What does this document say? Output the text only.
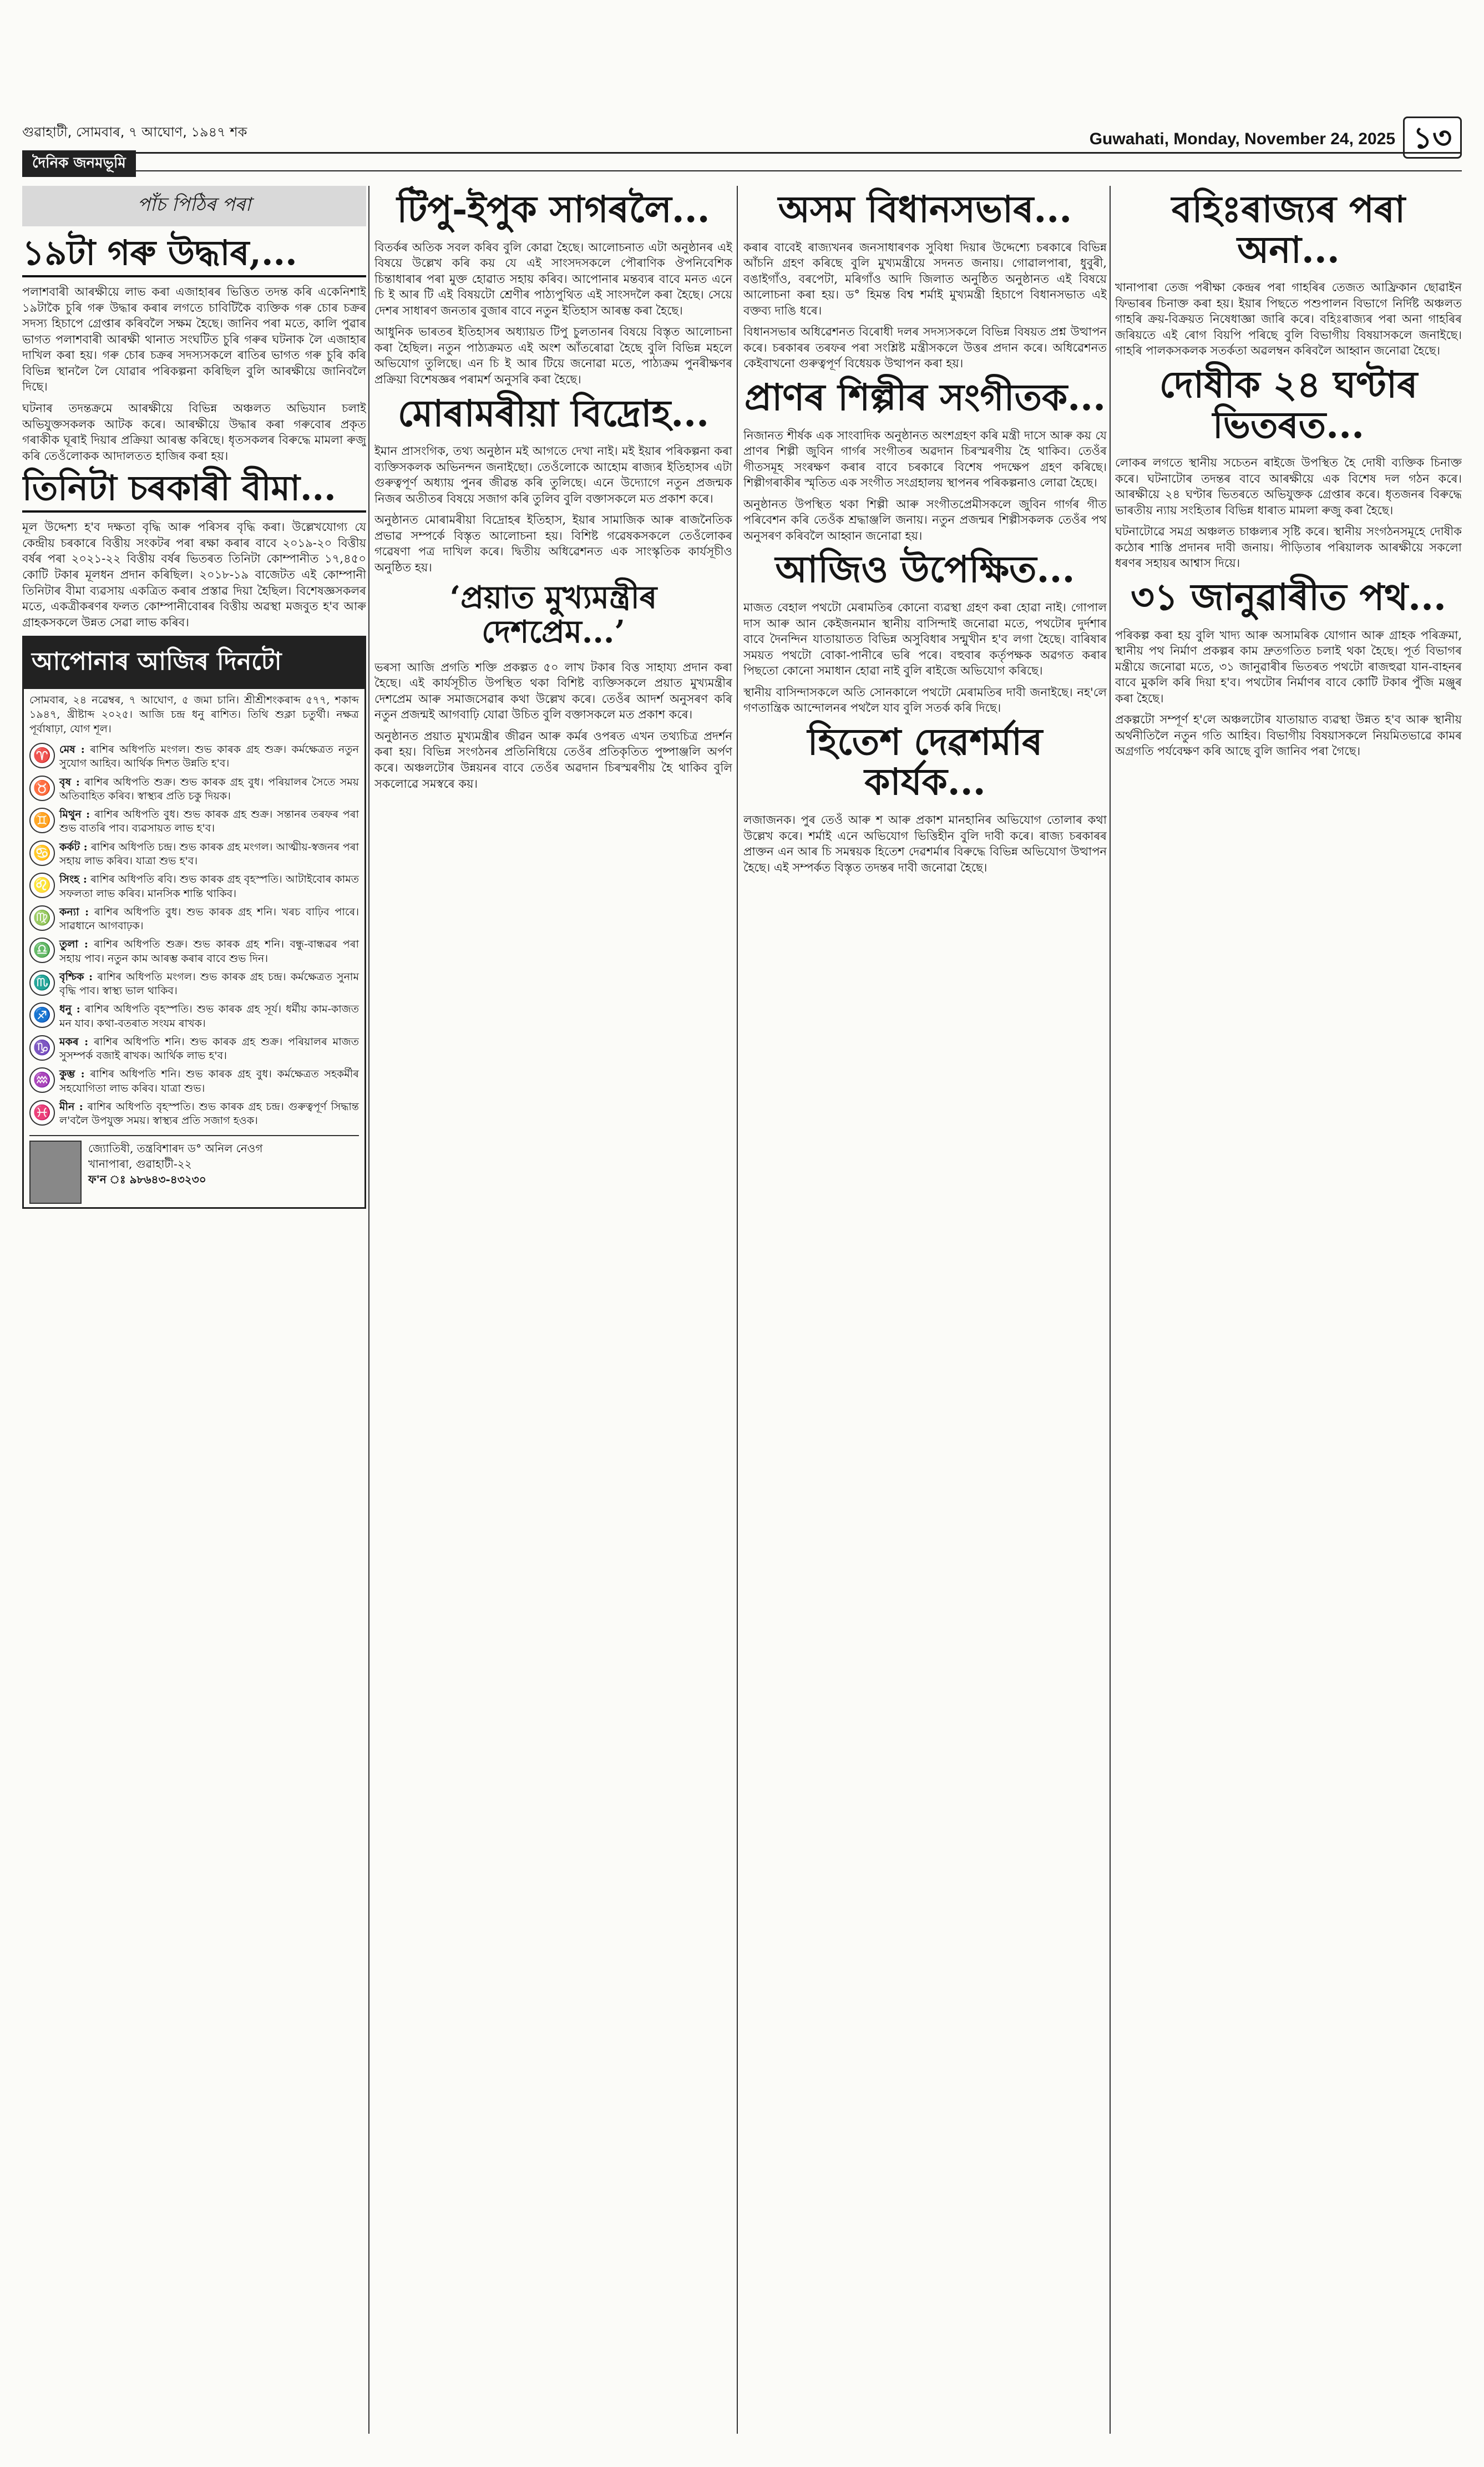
গুৱাহাটী, সোমবাৰ, ৭ আঘোণ, ১৯৪৭ শক	Guwahati, Monday, November 24, 2025 ১৩
দৈনিক জনমভূমি
পাঁচ পিঠিৰ পৰা
১৯টা গৰু উদ্ধাৰ,...

পলাশবাৰী আৰক্ষীয়ে লাভ কৰা এজাহাৰৰ ভিত্তিত তদন্ত কৰি একেনিশাই ১৯টাকৈ চুৰি গৰু উদ্ধাৰ কৰাৰ লগতে চাবিটিকৈ ব্যক্তিক গৰু চোৰ চক্ৰৰ সদস্য হিচাপে গ্ৰেপ্তাৰ কৰিবলৈ সক্ষম হৈছে। জানিব পৰা মতে, কালি পুৱাৰ ভাগত পলাশবাৰী আৰক্ষী থানাত সংঘটিত চুৰি গৰুৰ ঘটনাক লৈ এজাহাৰ দাখিল কৰা হয়। গৰু চোৰ চক্ৰৰ সদস্যসকলে ৰাতিৰ ভাগত গৰু চুৰি কৰি বিভিন্ন স্থানলৈ লৈ যোৱাৰ পৰিকল্পনা কৰিছিল বুলি আৰক্ষীয়ে জানিবলৈ দিছে।

ঘটনাৰ তদন্তক্ৰমে আৰক্ষীয়ে বিভিন্ন অঞ্চলত অভিযান চলাই অভিযুক্তসকলক আটক কৰে। আৰক্ষীয়ে উদ্ধাৰ কৰা গৰুবোৰ প্ৰকৃত গৰাকীক ঘূৰাই দিয়াৰ প্ৰক্ৰিয়া আৰম্ভ কৰিছে। ধৃতসকলৰ বিৰুদ্ধে মামলা ৰুজু কৰি তেওঁলোকক আদালতত হাজিৰ কৰা হয়।

তিনিটা চৰকাৰী বীমা...

মূল উদ্দেশ্য হ'ব দক্ষতা বৃদ্ধি আৰু পৰিসৰ বৃদ্ধি কৰা। উল্লেখযোগ্য যে কেন্দ্ৰীয় চৰকাৰে বিত্তীয় সংকটৰ পৰা ৰক্ষা কৰাৰ বাবে ২০১৯-২০ বিত্তীয় বৰ্ষৰ পৰা ২০২১-২২ বিত্তীয় বৰ্ষৰ ভিতৰত তিনিটা কোম্পানীত ১৭,৪৫০ কোটি টকাৰ মূলধন প্ৰদান কৰিছিল। ২০১৮-১৯ বাজেটত এই কোম্পানী তিনিটাৰ বীমা ব্যৱসায় একত্ৰিত কৰাৰ প্ৰস্তাৱ দিয়া হৈছিল। বিশেষজ্ঞসকলৰ মতে, একত্ৰীকৰণৰ ফলত কোম্পানীবোৰৰ বিত্তীয় অৱস্থা মজবুত হ'ব আৰু গ্ৰাহকসকলে উন্নত সেৱা লাভ কৰিব।

আপোনাৰ আজিৰ দিনটো
সোমবাৰ, ২৪ নৱেম্বৰ, ৭ আঘোণ, ৫ জমা চানি। শ্ৰীশ্ৰীশংকৰাব্দ ৫৭৭, শকাব্দ ১৯৪৭, খ্ৰীষ্টাব্দ ২০২৫। আজি চন্দ্ৰ ধনু ৰাশিত। তিথি শুক্লা চতুৰ্থী। নক্ষত্ৰ পূৰ্বাষাঢ়া, যোগ শূল।
♈ মেষ : ৰাশিৰ অধিপতি মংগল। শুভ কাৰক গ্ৰহ শুক্ৰ। কৰ্মক্ষেত্ৰত নতুন সুযোগ আহিব। আৰ্থিক দিশত উন্নতি হ'ব।
♉ বৃষ : ৰাশিৰ অধিপতি শুক্ৰ। শুভ কাৰক গ্ৰহ বুধ। পৰিয়ালৰ সৈতে সময় অতিবাহিত কৰিব। স্বাস্থ্যৰ প্ৰতি চকু দিয়ক।
♊ মিথুন : ৰাশিৰ অধিপতি বুধ। শুভ কাৰক গ্ৰহ শুক্ৰ। সন্তানৰ তৰফৰ পৰা শুভ বাতৰি পাব। ব্যৱসায়ত লাভ হ'ব।
♋ কৰ্কট : ৰাশিৰ অধিপতি চন্দ্ৰ। শুভ কাৰক গ্ৰহ মংগল। আত্মীয়-স্বজনৰ পৰা সহায় লাভ কৰিব। যাত্ৰা শুভ হ'ব।
♌ সিংহ : ৰাশিৰ অধিপতি ৰবি। শুভ কাৰক গ্ৰহ বৃহস্পতি। আটাইবোৰ কামত সফলতা লাভ কৰিব। মানসিক শান্তি থাকিব।
♍ কন্যা : ৰাশিৰ অধিপতি বুধ। শুভ কাৰক গ্ৰহ শনি। খৰচ বাঢ়িব পাৰে। সাৱধানে আগবাঢ়ক।
♎ তুলা : ৰাশিৰ অধিপতি শুক্ৰ। শুভ কাৰক গ্ৰহ শনি। বন্ধু-বান্ধৱৰ পৰা সহায় পাব। নতুন কাম আৰম্ভ কৰাৰ বাবে শুভ দিন।
♏ বৃশ্চিক : ৰাশিৰ অধিপতি মংগল। শুভ কাৰক গ্ৰহ চন্দ্ৰ। কৰ্মক্ষেত্ৰত সুনাম বৃদ্ধি পাব। স্বাস্থ্য ভাল থাকিব।
♐ ধনু : ৰাশিৰ অধিপতি বৃহস্পতি। শুভ কাৰক গ্ৰহ সূৰ্য। ধৰ্মীয় কাম-কাজত মন যাব। কথা-বতৰাত সংযম ৰাখক।
♑ মকৰ : ৰাশিৰ অধিপতি শনি। শুভ কাৰক গ্ৰহ শুক্ৰ। পৰিয়ালৰ মাজত সুসম্পৰ্ক বজাই ৰাখক। আৰ্থিক লাভ হ'ব।
♒ কুম্ভ : ৰাশিৰ অধিপতি শনি। শুভ কাৰক গ্ৰহ বুধ। কৰ্মক্ষেত্ৰত সহকৰ্মীৰ সহযোগিতা লাভ কৰিব। যাত্ৰা শুভ।
♓ মীন : ৰাশিৰ অধিপতি বৃহস্পতি। শুভ কাৰক গ্ৰহ চন্দ্ৰ। গুৰুত্বপূৰ্ণ সিদ্ধান্ত ল'বলৈ উপযুক্ত সময়। স্বাস্থ্যৰ প্ৰতি সজাগ হওক।
জ্যোতিষী, তন্ত্ৰবিশাৰদ ড° অনিল নেওগ
খানাপাৰা, গুৱাহাটী-২২
ফ'ন ঃ ৯৮৬৪৩-৪৩২৩০
টিপু-ইপুক সাগৰলৈ...

বিতৰ্কৰ অতিক সবল কৰিব বুলি কোৱা হৈছে। আলোচনাত এটা অনুষ্ঠানৰ এই বিষয়ে উল্লেখ কৰি কয় যে এই সাংসদসকলে পৌৰাণিক ঔপনিবেশিক চিন্তাধাৰাৰ পৰা মুক্ত হোৱাত সহায় কৰিব। আপোনাৰ মন্তব্যৰ বাবে মনত এনে চি ই আৰ টি এই বিষয়টো শ্ৰেণীৰ পাঠ্যপুথিত এই সাংসদলৈ কৰা হৈছে। সেয়ে দেশৰ সাধাৰণ জনতাৰ বুজাৰ বাবে নতুন ইতিহাস আৰম্ভ কৰা হৈছে।

আধুনিক ভাৰতৰ ইতিহাসৰ অধ্যায়ত টিপু চুলতানৰ বিষয়ে বিস্তৃত আলোচনা কৰা হৈছিল। নতুন পাঠ্যক্ৰমত এই অংশ আঁতৰোৱা হৈছে বুলি বিভিন্ন মহলে অভিযোগ তুলিছে। এন চি ই আৰ টিয়ে জনোৱা মতে, পাঠ্যক্ৰম পুনৰীক্ষণৰ প্ৰক্ৰিয়া বিশেষজ্ঞৰ পৰামৰ্শ অনুসৰি কৰা হৈছে।

মোৰামৰীয়া বিদ্ৰোহ...

ইমান প্ৰাসংগিক, তথ্য অনুষ্ঠান মই আগতে দেখা নাই। মই ইয়াৰ পৰিকল্পনা কৰা ব্যক্তিসকলক অভিনন্দন জনাইছো। তেওঁলোকে আহোম ৰাজ্যৰ ইতিহাসৰ এটা গুৰুত্বপূৰ্ণ অধ্যায় পুনৰ জীৱন্ত কৰি তুলিছে। এনে উদ্যোগে নতুন প্ৰজন্মক নিজৰ অতীতৰ বিষয়ে সজাগ কৰি তুলিব বুলি বক্তাসকলে মত প্ৰকাশ কৰে।

অনুষ্ঠানত মোৰামৰীয়া বিদ্ৰোহৰ ইতিহাস, ইয়াৰ সামাজিক আৰু ৰাজনৈতিক প্ৰভাৱ সম্পৰ্কে বিস্তৃত আলোচনা হয়। বিশিষ্ট গৱেষকসকলে তেওঁলোকৰ গৱেষণা পত্ৰ দাখিল কৰে। দ্বিতীয় অধিৱেশনত এক সাংস্কৃতিক কাৰ্যসূচীও অনুষ্ঠিত হয়।

‘প্ৰয়াত মুখ্যমন্ত্ৰীৰ দেশপ্ৰেম...’

ভৰসা আজি প্ৰগতি শক্তি প্ৰকল্পত ৫০ লাখ টকাৰ বিত্ত সাহায্য প্ৰদান কৰা হৈছে। এই কাৰ্যসূচীত উপস্থিত থকা বিশিষ্ট ব্যক্তিসকলে প্ৰয়াত মুখ্যমন্ত্ৰীৰ দেশপ্ৰেম আৰু সমাজসেৱাৰ কথা উল্লেখ কৰে। তেওঁৰ আদৰ্শ অনুসৰণ কৰি নতুন প্ৰজন্মই আগবাঢ়ি যোৱা উচিত বুলি বক্তাসকলে মত প্ৰকাশ কৰে।

অনুষ্ঠানত প্ৰয়াত মুখ্যমন্ত্ৰীৰ জীৱন আৰু কৰ্মৰ ওপৰত এখন তথ্যচিত্ৰ প্ৰদৰ্শন কৰা হয়। বিভিন্ন সংগঠনৰ প্ৰতিনিধিয়ে তেওঁৰ প্ৰতিকৃতিত পুষ্পাঞ্জলি অৰ্পণ কৰে। অঞ্চলটোৰ উন্নয়নৰ বাবে তেওঁৰ অৱদান চিৰস্মৰণীয় হৈ থাকিব বুলি সকলোৱে সমস্বৰে কয়।

অসম বিধানসভাৰ...

কৰাৰ বাবেই ৰাজ্যখনৰ জনসাধাৰণক সুবিধা দিয়াৰ উদ্দেশ্যে চৰকাৰে বিভিন্ন আঁচনি গ্ৰহণ কৰিছে বুলি মুখ্যমন্ত্ৰীয়ে সদনত জনায়। গোৱালপাৰা, ধুবুৰী, বঙাইগাঁও, বৰপেটা, মৰিগাঁও আদি জিলাত অনুষ্ঠিত অনুষ্ঠানত এই বিষয়ে আলোচনা কৰা হয়। ড° হিমন্ত বিশ্ব শৰ্মাই মুখ্যমন্ত্ৰী হিচাপে বিধানসভাত এই বক্তব্য দাঙি ধৰে।

বিধানসভাৰ অধিৱেশনত বিৰোধী দলৰ সদস্যসকলে বিভিন্ন বিষয়ত প্ৰশ্ন উত্থাপন কৰে। চৰকাৰৰ তৰফৰ পৰা সংশ্লিষ্ট মন্ত্ৰীসকলে উত্তৰ প্ৰদান কৰে। অধিৱেশনত কেইবাখনো গুৰুত্বপূৰ্ণ বিধেয়ক উত্থাপন কৰা হয়।

প্ৰাণৰ শিল্পীৰ সংগীতক...

নিজানত শীৰ্ষক এক সাংবাদিক অনুষ্ঠানত অংশগ্ৰহণ কৰি মন্ত্ৰী দাসে আৰু কয় যে প্ৰাণৰ শিল্পী জুবিন গাৰ্গৰ সংগীতৰ অৱদান চিৰস্মৰণীয় হৈ থাকিব। তেওঁৰ গীতসমূহ সংৰক্ষণ কৰাৰ বাবে চৰকাৰে বিশেষ পদক্ষেপ গ্ৰহণ কৰিছে। শিল্পীগৰাকীৰ স্মৃতিত এক সংগীত সংগ্ৰহালয় স্থাপনৰ পৰিকল্পনাও লোৱা হৈছে।

অনুষ্ঠানত উপস্থিত থকা শিল্পী আৰু সংগীতপ্ৰেমীসকলে জুবিন গাৰ্গৰ গীত পৰিবেশন কৰি তেওঁক শ্ৰদ্ধাঞ্জলি জনায়। নতুন প্ৰজন্মৰ শিল্পীসকলক তেওঁৰ পথ অনুসৰণ কৰিবলৈ আহ্বান জনোৱা হয়।

আজিও উপেক্ষিত...

মাজত বেহাল পথটো মেৰামতিৰ কোনো ব্যৱস্থা গ্ৰহণ কৰা হোৱা নাই। গোপাল দাস আৰু আন কেইজনমান স্থানীয় বাসিন্দাই জনোৱা মতে, পথটোৰ দুৰ্দশাৰ বাবে দৈনন্দিন যাতায়াতত বিভিন্ন অসুবিধাৰ সন্মুখীন হ'ব লগা হৈছে। বাৰিষাৰ সময়ত পথটো বোকা-পানীৰে ভৰি পৰে। বহুবাৰ কৰ্তৃপক্ষক অৱগত কৰাৰ পিছতো কোনো সমাধান হোৱা নাই বুলি ৰাইজে অভিযোগ কৰিছে।

স্থানীয় বাসিন্দাসকলে অতি সোনকালে পথটো মেৰামতিৰ দাবী জনাইছে। নহ'লে গণতান্ত্ৰিক আন্দোলনৰ পথলৈ যাব বুলি সতৰ্ক কৰি দিছে।

হিতেশ দেৱশৰ্মাৰ কাৰ্যক...

লজাজনক। পুৰ তেওঁ আৰু শ আৰু প্ৰকাশ মানহানিৰ অভিযোগ তোলাৰ কথা উল্লেখ কৰে। শৰ্মাই এনে অভিযোগ ভিত্তিহীন বুলি দাবী কৰে। ৰাজ্য চৰকাৰৰ প্ৰাক্তন এন আৰ চি সমন্বয়ক হিতেশ দেৱশৰ্মাৰ বিৰুদ্ধে বিভিন্ন অভিযোগ উত্থাপন হৈছে। এই সম্পৰ্কত বিস্তৃত তদন্তৰ দাবী জনোৱা হৈছে।

বহিঃৰাজ্যৰ পৰা অনা...

খানাপাৰা তেজ পৰীক্ষা কেন্দ্ৰৰ পৰা গাহৰিৰ তেজত আফ্ৰিকান ছোৱাইন ফিভাৰৰ চিনাক্ত কৰা হয়। ইয়াৰ পিছতে পশুপালন বিভাগে নিৰ্দিষ্ট অঞ্চলত গাহৰি ক্ৰয়-বিক্ৰয়ত নিষেধাজ্ঞা জাৰি কৰে। বহিঃৰাজ্যৰ পৰা অনা গাহৰিৰ জৰিয়তে এই ৰোগ বিয়পি পৰিছে বুলি বিভাগীয় বিষয়াসকলে জনাইছে। গাহৰি পালকসকলক সতৰ্কতা অৱলম্বন কৰিবলৈ আহ্বান জনোৱা হৈছে।

দোষীক ২৪ ঘণ্টাৰ ভিতৰত...

লোকৰ লগতে স্থানীয় সচেতন ৰাইজে উপস্থিত হৈ দোষী ব্যক্তিক চিনাক্ত কৰে। ঘটনাটোৰ তদন্তৰ বাবে আৰক্ষীয়ে এক বিশেষ দল গঠন কৰে। আৰক্ষীয়ে ২৪ ঘণ্টাৰ ভিতৰতে অভিযুক্তক গ্ৰেপ্তাৰ কৰে। ধৃতজনৰ বিৰুদ্ধে ভাৰতীয় ন্যায় সংহিতাৰ বিভিন্ন ধাৰাত মামলা ৰুজু কৰা হৈছে।

ঘটনাটোৱে সমগ্ৰ অঞ্চলত চাঞ্চল্যৰ সৃষ্টি কৰে। স্থানীয় সংগঠনসমূহে দোষীক কঠোৰ শাস্তি প্ৰদানৰ দাবী জনায়। পীড়িতাৰ পৰিয়ালক আৰক্ষীয়ে সকলো ধৰণৰ সহায়ৰ আশ্বাস দিয়ে।

৩১ জানুৱাৰীত পথ...

পৰিকল্প কৰা হয় বুলি খাদ্য আৰু অসামৰিক যোগান আৰু গ্ৰাহক পৰিক্ৰমা, স্থানীয় পথ নিৰ্মাণ প্ৰকল্পৰ কাম দ্ৰুতগতিত চলাই থকা হৈছে। পূৰ্ত বিভাগৰ মন্ত্ৰীয়ে জনোৱা মতে, ৩১ জানুৱাৰীৰ ভিতৰত পথটো ৰাজহুৱা যান-বাহনৰ বাবে মুকলি কৰি দিয়া হ'ব। পথটোৰ নিৰ্মাণৰ বাবে কোটি টকাৰ পুঁজি মঞ্জুৰ কৰা হৈছে।

প্ৰকল্পটো সম্পূৰ্ণ হ'লে অঞ্চলটোৰ যাতায়াত ব্যৱস্থা উন্নত হ'ব আৰু স্থানীয় অৰ্থনীতিলৈ নতুন গতি আহিব। বিভাগীয় বিষয়াসকলে নিয়মিতভাৱে কামৰ অগ্ৰগতি পৰ্যবেক্ষণ কৰি আছে বুলি জানিব পৰা গৈছে।
